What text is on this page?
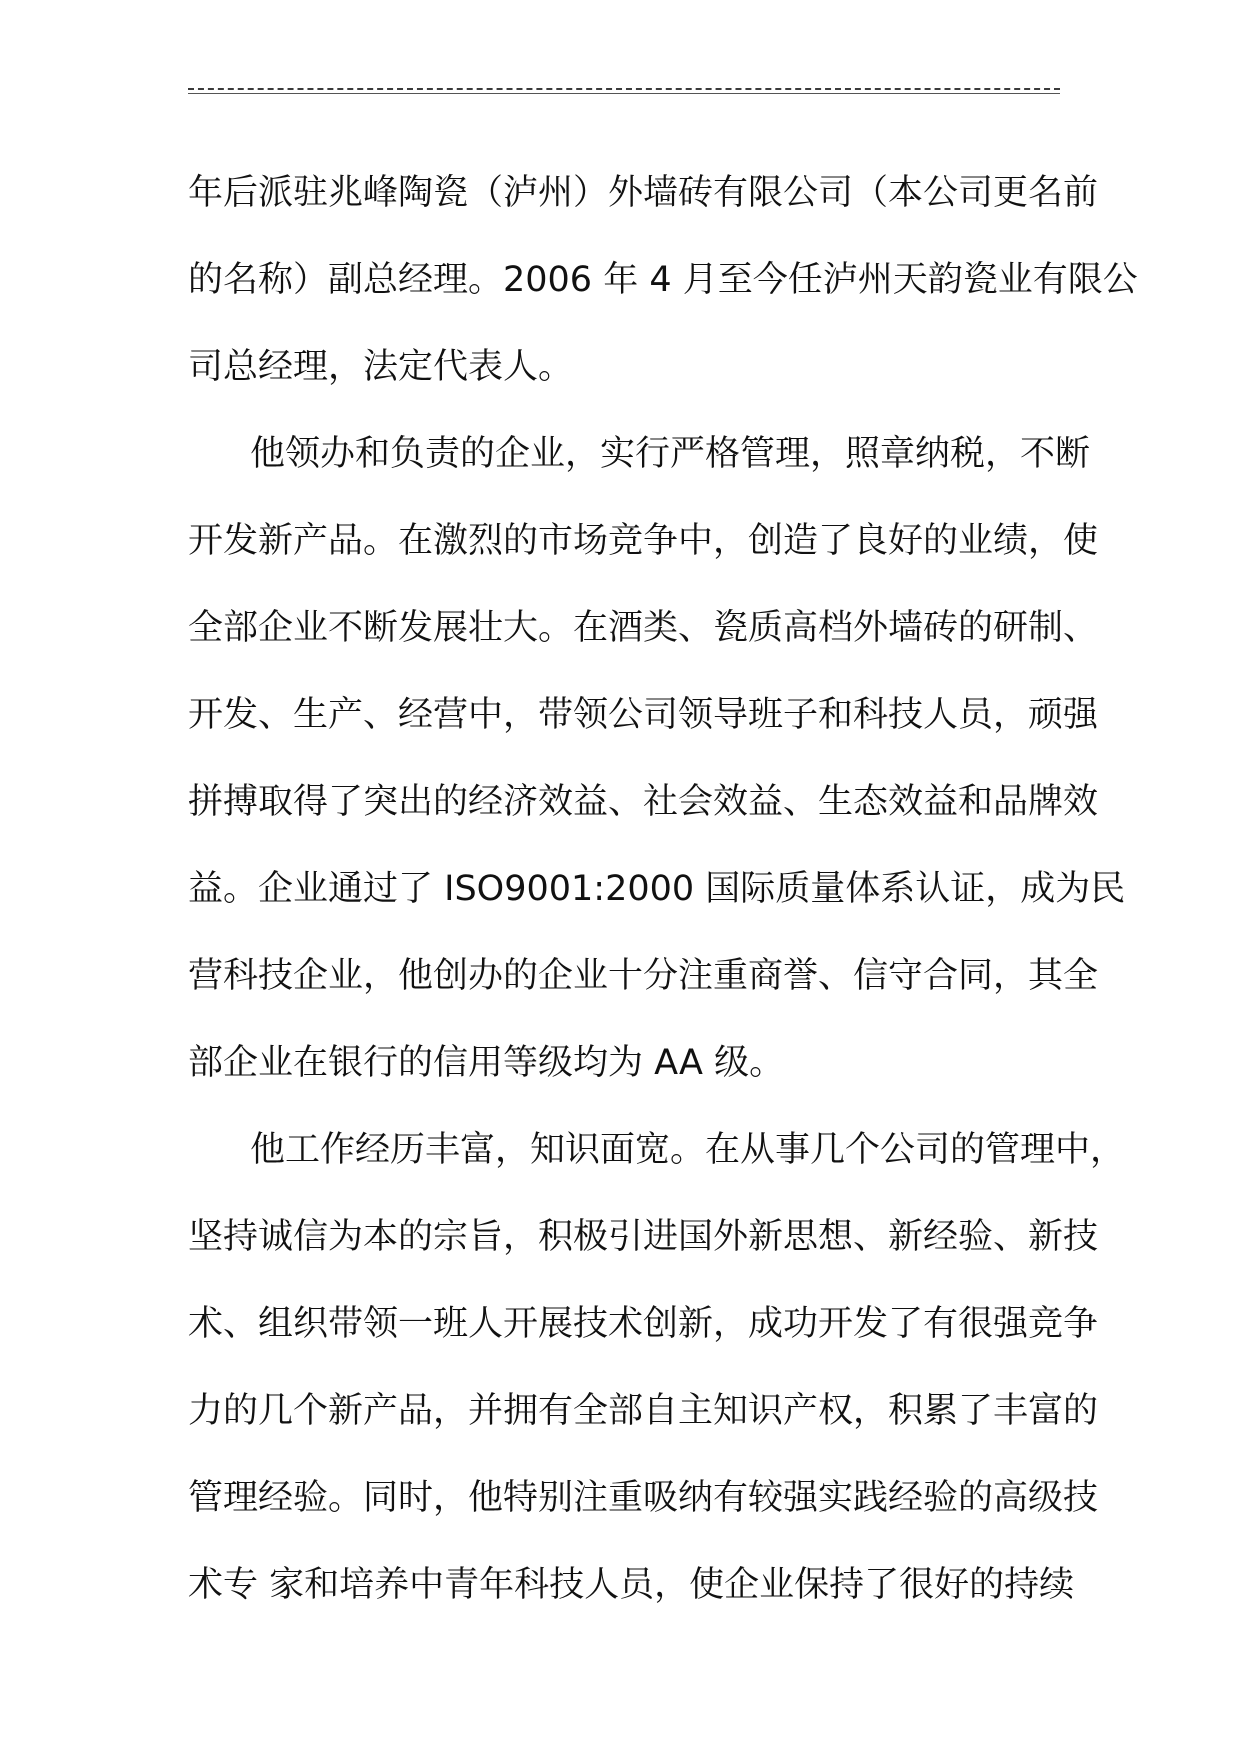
年后派驻兆峰陶瓷（泸州）外墙砖有限公司（本公司更名前
的名称）副总经理。2006 年 4 月至今任泸州天韵瓷业有限公
司总经理，法定代表人。
他领办和负责的企业，实行严格管理，照章纳税，不断
开发新产品。在激烈的市场竞争中，创造了良好的业绩，使
全部企业不断发展壮大。在酒类、瓷质高档外墙砖的研制、
开发、生产、经营中，带领公司领导班子和科技人员，顽强
拼搏取得了突出的经济效益、社会效益、生态效益和品牌效
益。企业通过了 ISO9001:2000 国际质量体系认证，成为民
营科技企业，他创办的企业十分注重商誉、信守合同，其全
部企业在银行的信用等级均为 AA 级。
他工作经历丰富，知识面宽。在从事几个公司的管理中，
坚持诚信为本的宗旨，积极引进国外新思想、新经验、新技
术、组织带领一班人开展技术创新，成功开发了有很强竞争
力的几个新产品，并拥有全部自主知识产权，积累了丰富的
管理经验。同时，他特别注重吸纳有较强实践经验的高级技
术专 家和培养中青年科技人员，使企业保持了很好的持续
